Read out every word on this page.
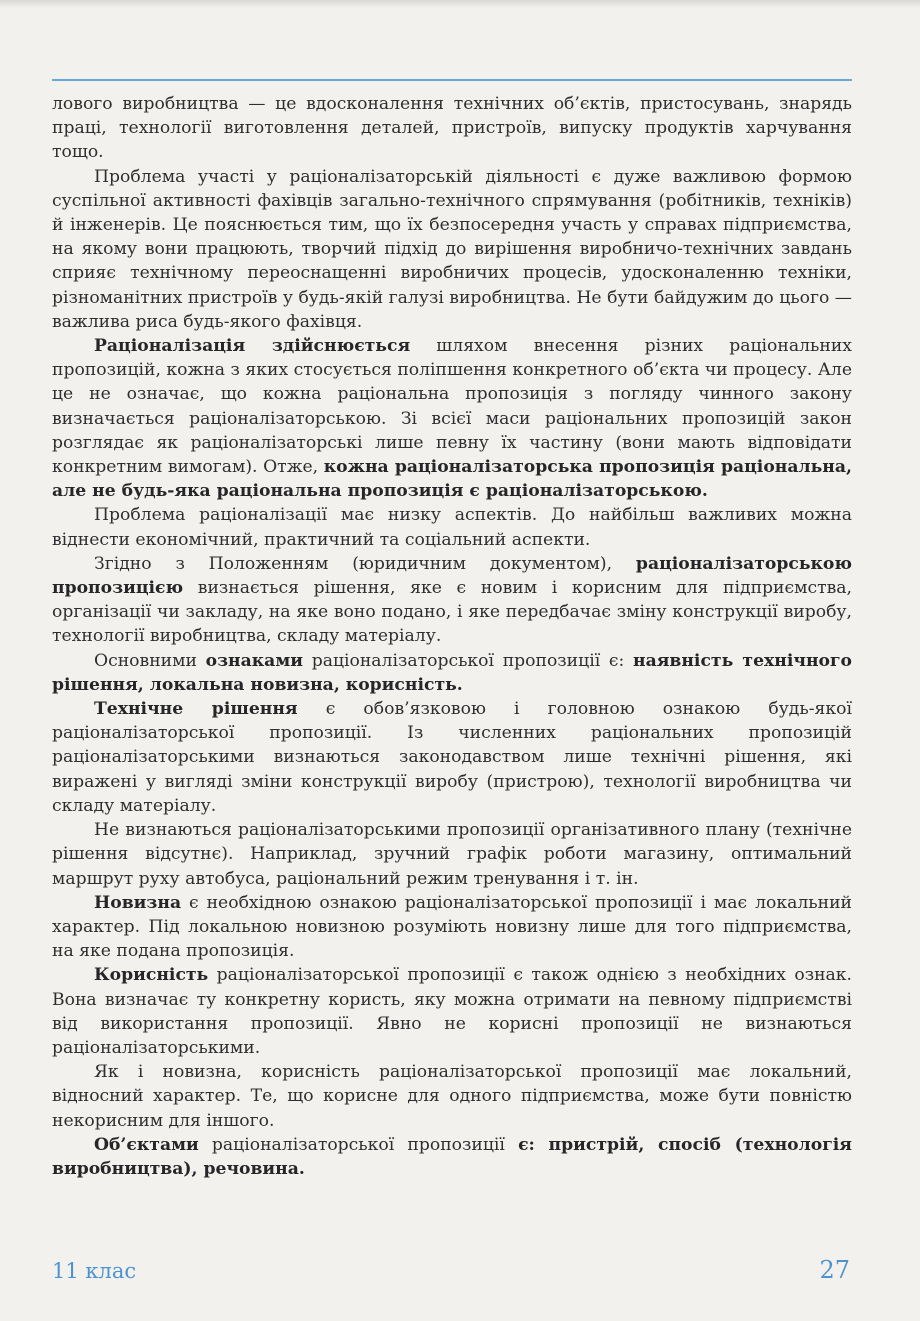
лового виробництва — це вдосконалення технічних об’єктів, пристосувань, знарядь праці, технології виготовлення деталей, пристроїв, випуску продуктів харчування тощо.

Проблема участі у раціоналізаторській діяльності є дуже важливою формою суспільної активності фахівців загально-технічного спрямування (робітників, техніків) й інженерів. Це пояснюється тим, що їх безпосередня участь у справах підприємства, на якому вони працюють, творчий підхід до вирішення виробничо-технічних завдань сприяє технічному переоснащенні виробничих процесів, удосконаленню техніки, різноманітних пристроїв у будь-якій галузі виробництва. Не бути байдужим до цього — важлива риса будь-якого фахівця.

Раціоналізація здійснюється шляхом внесення різних раціональних пропозицій, кожна з яких стосується поліпшення конкретного об’єкта чи процесу. Але це не означає, що кожна раціональна пропозиція з погляду чинного закону визначається раціоналізаторською. Зі всієї маси раціональних пропозицій закон розглядає як раціоналізаторські лише певну їх частину (вони мають відповідати конкретним вимогам). Отже, кожна раціоналізаторська пропозиція раціональна, але не будь-яка раціональна пропозиція є раціоналізаторською.

Проблема раціоналізації має низку аспектів. До найбільш важливих можна віднести економічний, практичний та соціальний аспекти.

Згідно з Положенням (юридичним документом), раціоналізаторською пропозицією визнається рішення, яке є новим і корисним для підприємства, організації чи закладу, на яке воно подано, і яке передбачає зміну конструкції виробу, технології виробництва, складу матеріалу.

Основними ознаками раціоналізаторської пропозиції є: наявність технічного рішення, локальна новизна, корисність.

Технічне рішення є обов’язковою і головною ознакою будь-якої раціоналізаторської пропозиції. Із численних раціональних пропозицій раціоналізаторськими визнаються законодавством лише технічні рішення, які виражені у вигляді зміни конструкції виробу (пристрою), технології виробництва чи складу матеріалу.

Не визнаються раціоналізаторськими пропозиції організативного плану (технічне рішення відсутнє). Наприклад, зручний графік роботи магазину, оптимальний маршрут руху автобуса, раціональний режим тренування і т. ін.

Новизна є необхідною ознакою раціоналізаторської пропозиції і має локальний характер. Під локальною новизною розуміють новизну лише для того підприємства, на яке подана пропозиція.

Корисність раціоналізаторської пропозиції є також однією з необхідних ознак. Вона визначає ту конкретну користь, яку можна отримати на певному підприємстві від використання пропозиції. Явно не корисні пропозиції не визнаються раціоналізаторськими.

Як і новизна, корисність раціоналізаторської пропозиції має локальний, відносний характер. Те, що корисне для одного підприємства, може бути повністю некорисним для іншого.

Об’єктами раціоналізаторської пропозиції є: пристрій, спосіб (технологія виробництва), речовина.

11 клас	27
